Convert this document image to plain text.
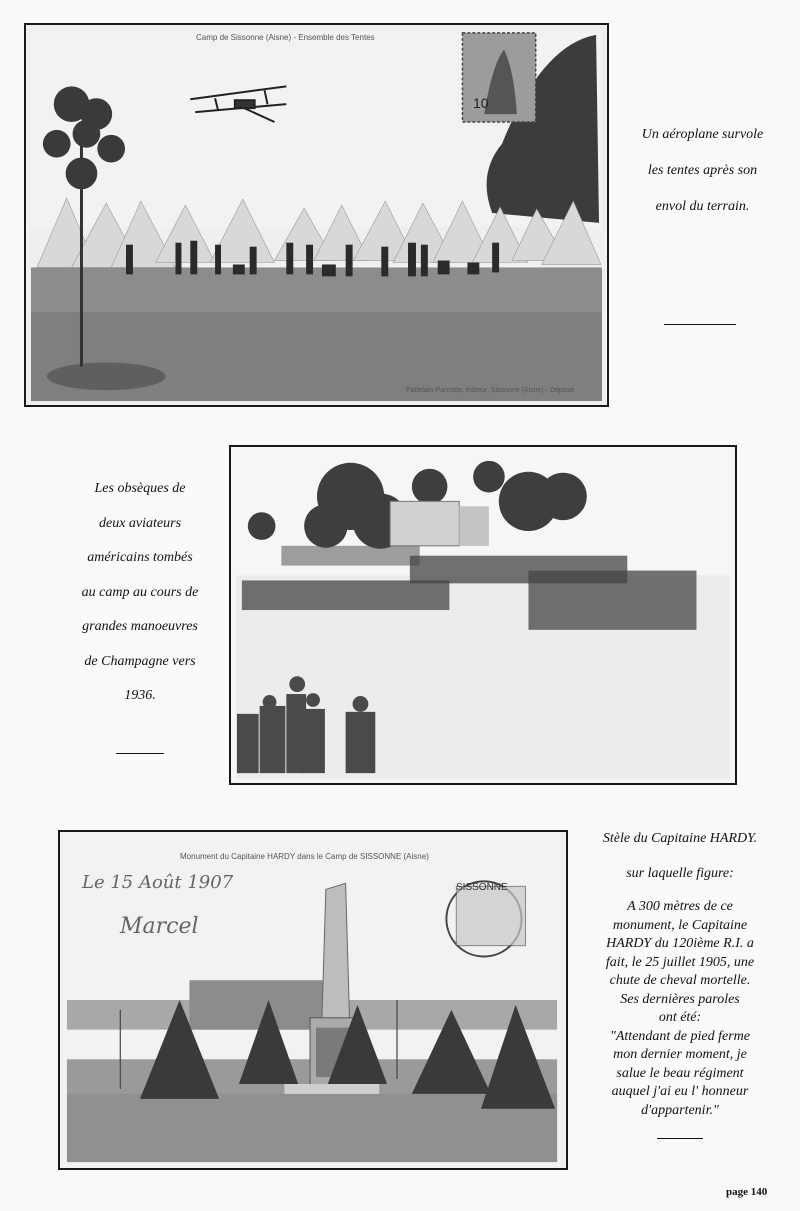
Camp de Sissonne (Aisne) - Ensemble des Tentes
10
Pattelain-Parnotte, éditeur, Sissonne (Aisne) - Déposé
Un aéroplane survole
les tentes après son
envol du terrain.
Les obsèques de
deux aviateurs
américains tombés
au camp au cours de
grandes manoeuvres
de Champagne vers
1936.
Monument du Capitaine HARDY dans le Camp de SISSONNE (Aisne)
Le 15 Août 1907
Marcel
SISSONNE
Stèle du Capitaine HARDY.
sur laquelle figure:
A 300 mètres de ce
monument, le Capitaine
HARDY du 120ième R.I. a
fait, le 25 juillet 1905, une
chute de cheval mortelle.
Ses dernières paroles
ont été:
"Attendant de pied ferme
mon dernier moment, je
salue le beau régiment
auquel j'ai eu l' honneur
d'appartenir."
page 140
